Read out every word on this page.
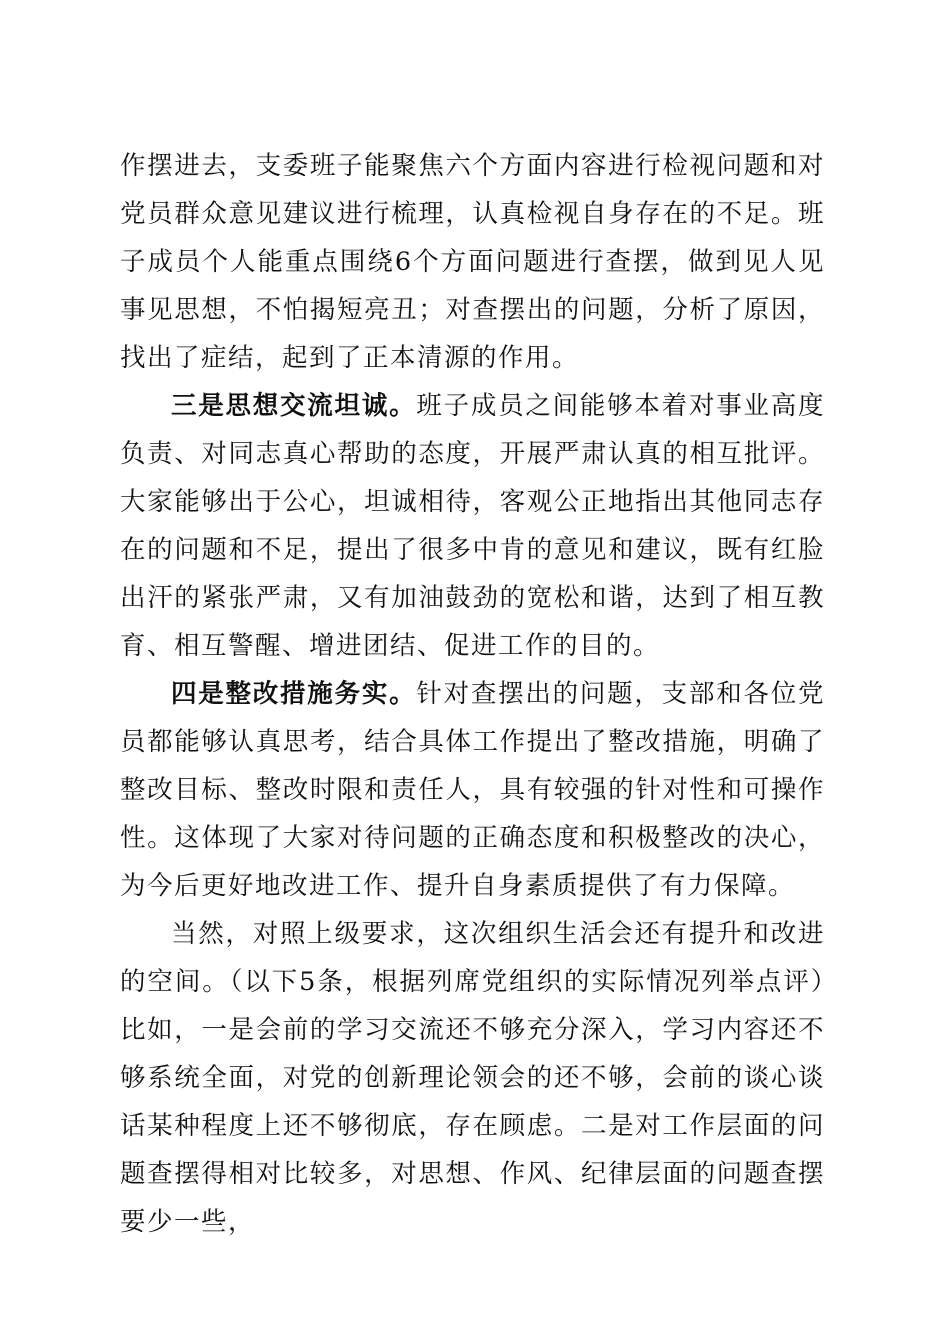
作摆进去，支委班子能聚焦六个方面内容进行检视问题和对党员群众意见建议进行梳理，认真检视自身存在的不足。班子成员个人能重点围绕6个方面问题进行查摆，做到见人见事见思想，不怕揭短亮丑；对查摆出的问题，分析了原因，找出了症结，起到了正本清源的作用。

三是思想交流坦诚。班子成员之间能够本着对事业高度负责、对同志真心帮助的态度，开展严肃认真的相互批评。大家能够出于公心，坦诚相待，客观公正地指出其他同志存在的问题和不足，提出了很多中肯的意见和建议，既有红脸出汗的紧张严肃，又有加油鼓劲的宽松和谐，达到了相互教育、相互警醒、增进团结、促进工作的目的。

四是整改措施务实。针对查摆出的问题，支部和各位党员都能够认真思考，结合具体工作提出了整改措施，明确了整改目标、整改时限和责任人，具有较强的针对性和可操作性。这体现了大家对待问题的正确态度和积极整改的决心，为今后更好地改进工作、提升自身素质提供了有力保障。

当然，对照上级要求，这次组织生活会还有提升和改进的空间。（以下5条，根据列席党组织的实际情况列举点评）比如，一是会前的学习交流还不够充分深入，学习内容还不够系统全面，对党的创新理论领会的还不够，会前的谈心谈话某种程度上还不够彻底，存在顾虑。二是对工作层面的问题查摆得相对比较多，对思想、作风、纪律层面的问题查摆要少一些，
